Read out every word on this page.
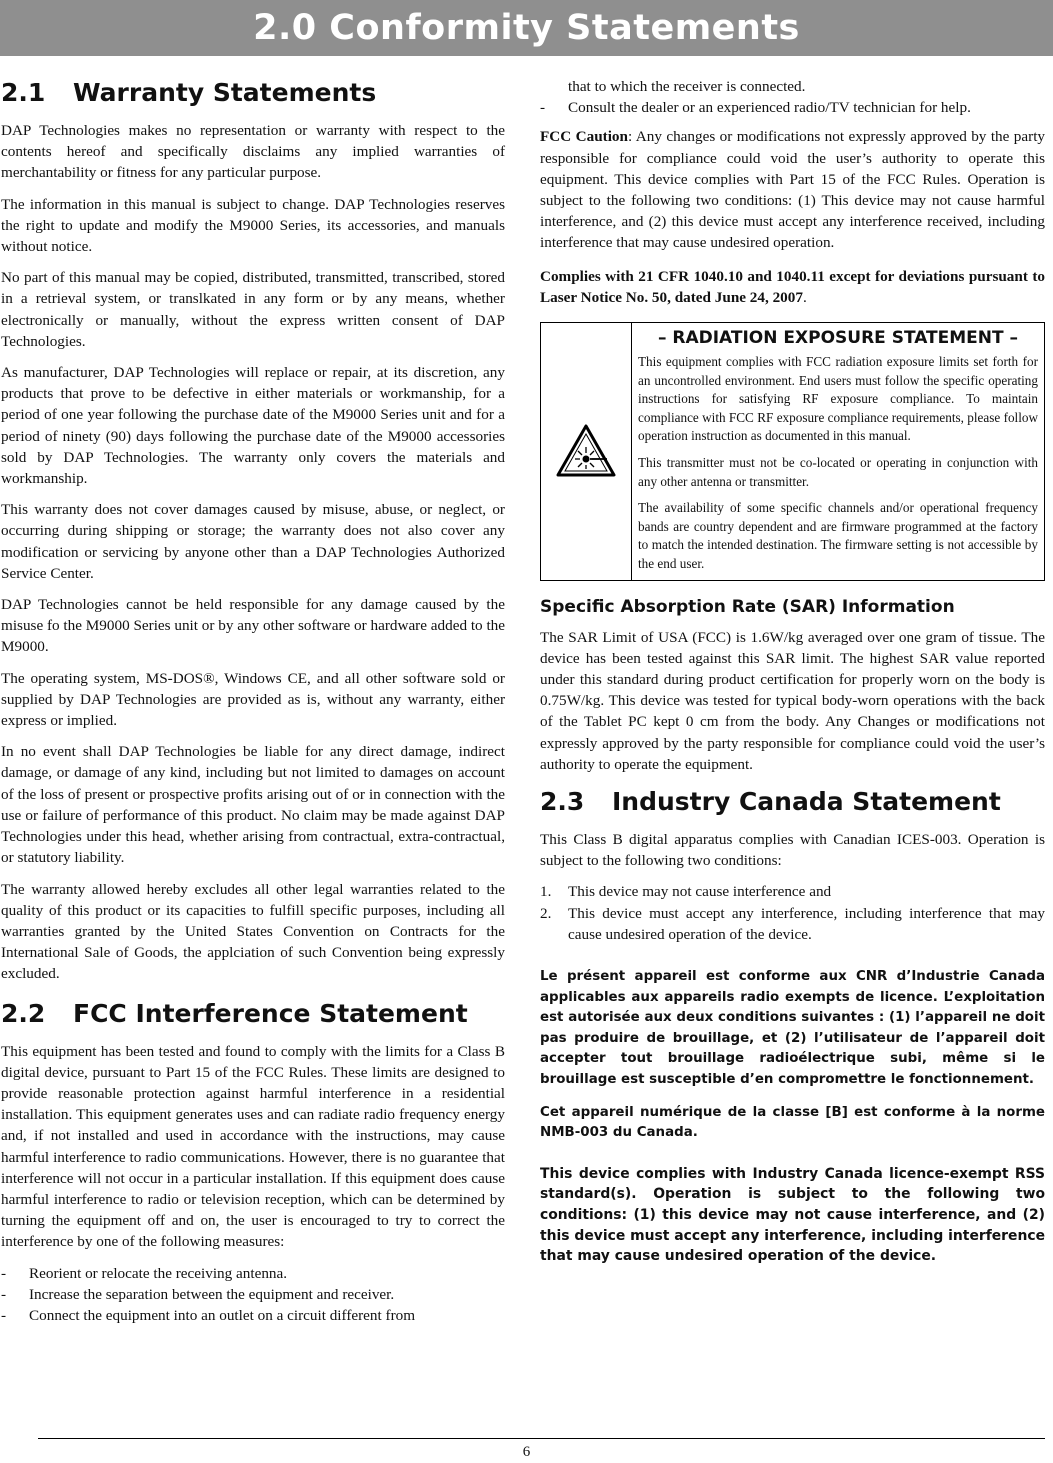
2.0 Conformity Statements
2.1 Warranty Statements

DAP Technologies makes no representation or warranty with respect to the contents hereof and specifically disclaims any implied warranties of merchantability or fitness for any particular purpose.

The information in this manual is subject to change. DAP Technologies reserves the right to update and modify the M9000 Series, its accessories, and manuals without notice.

No part of this manual may be copied, distributed, transmitted, transcribed, stored in a retrieval system, or translkated in any form or by any means, whether electronically or manually, without the express written consent of DAP Technologies.

As manufacturer, DAP Technologies will replace or repair, at its discretion, any products that prove to be defective in either materials or workmanship, for a period of one year following the purchase date of the M9000 Series unit and for a period of ninety (90) days following the purchase date of the M9000 accessories sold by DAP Technologies. The warranty only covers the materials and workmanship.

This warranty does not cover damages caused by misuse, abuse, or neglect, or occurring during shipping or storage; the warranty does not also cover any modification or servicing by anyone other than a DAP Technologies Authorized Service Center.

DAP Technologies cannot be held responsible for any damage caused by the misuse fo the M9000 Series unit or by any other software or hardware added to the M9000.

The operating system, MS-DOS®, Windows CE, and all other software sold or supplied by DAP Technologies are provided as is, without any warranty, either express or implied.

In no event shall DAP Technologies be liable for any direct damage, indirect damage, or damage of any kind, including but not limited to damages on account of the loss of present or prospective profits arising out of or in connection with the use or failure of performance of this product. No claim may be made against DAP Technologies under this head, whether arising from contractual, extra-contractual, or statutory liability.

The warranty allowed hereby excludes all other legal warranties related to the quality of this product or its capacities to fulfill specific purposes, including all warranties granted by the United States Convention on Contracts for the International Sale of Goods, the applciation of such Convention being expressly excluded.

2.2 FCC Interference Statement

This equipment has been tested and found to comply with the limits for a Class B digital device, pursuant to Part 15 of the FCC Rules. These limits are designed to provide reasonable protection against harmful interference in a residential installation. This equipment generates uses and can radiate radio frequency energy and, if not installed and used in accordance with the instructions, may cause harmful interference to radio communications. However, there is no guarantee that interference will not occur in a particular installation. If this equipment does cause harmful interference to radio or television reception, which can be determined by turning the equipment off and on, the user is encouraged to try to correct the interference by one of the following measures:

- Reorient or relocate the receiving antenna.
- Increase the separation between the equipment and receiver.
- Connect the equipment into an outlet on a circuit different from
that to which the receiver is connected.
- Consult the dealer or an experienced radio/TV technician for help.

FCC Caution: Any changes or modifications not expressly approved by the party responsible for compliance could void the user’s authority to operate this equipment. This device complies with Part 15 of the FCC Rules. Operation is subject to the following two conditions: (1) This device may not cause harmful interference, and (2) this device must accept any interference received, including interference that may cause undesired operation.

Complies with 21 CFR 1040.10 and 1040.11 except for deviations pursuant to Laser Notice No. 50, dated June 24, 2007.

– RADIATION EXPOSURE STATEMENT –

This equipment complies with FCC radiation exposure limits set forth for an uncontrolled environment. End users must follow the specific operating instructions for satisfying RF exposure compliance. To maintain compliance with FCC RF exposure compliance requirements, please follow operation instruction as documented in this manual.

This transmitter must not be co-located or operating in conjunction with any other antenna or transmitter.

The availability of some specific channels and/or operational frequency bands are country dependent and are firmware programmed at the factory to match the intended destination. The firmware setting is not accessible by the end user.

Specific Absorption Rate (SAR) Information

The SAR Limit of USA (FCC) is 1.6W/kg averaged over one gram of tissue. The device has been tested against this SAR limit. The highest SAR value reported under this standard during product certification for properly worn on the body is 0.75W/kg. This device was tested for typical body-worn operations with the back of the Tablet PC kept 0 cm from the body. Any Changes or modifications not expressly approved by the party responsible for compliance could void the user’s authority to operate the equipment.

2.3 Industry Canada Statement

This Class B digital apparatus complies with Canadian ICES-003. Operation is subject to the following two conditions:

1. This device may not cause interference and
2. This device must accept any interference, including interference that may cause undesired operation of the device.

Le présent appareil est conforme aux CNR d’Industrie Canada applicables aux appareils radio exempts de licence. L’exploitation est autorisée aux deux conditions suivantes : (1) l’appareil ne doit pas produire de brouillage, et (2) l’utilisateur de l’appareil doit accepter tout brouillage radioélectrique subi, même si le brouillage est susceptible d’en compromettre le fonctionnement.

Cet appareil numérique de la classe [B] est conforme à la norme NMB-003 du Canada.

This device complies with Industry Canada licence-exempt RSS standard(s). Operation is subject to the following two conditions: (1) this device may not cause interference, and (2) this device must accept any interference, including interference that may cause undesired operation of the device.

6
